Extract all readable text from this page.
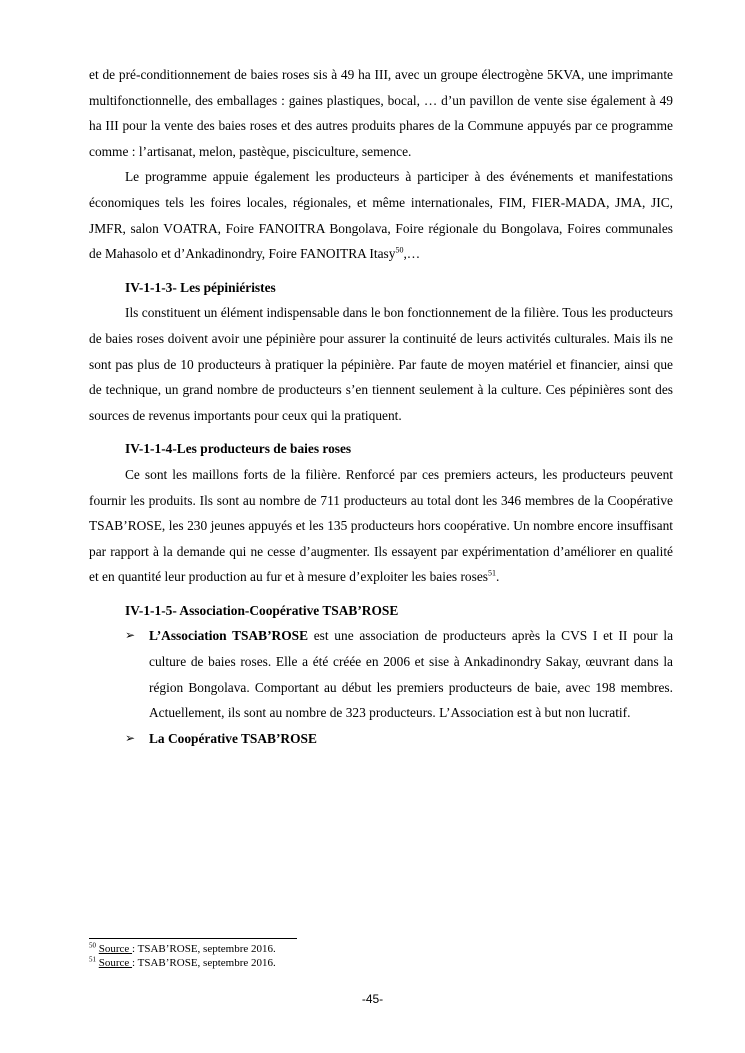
et de pré-conditionnement de baies roses sis à 49 ha III, avec un groupe électrogène 5KVA, une imprimante multifonctionnelle, des emballages : gaines plastiques, bocal, … d’un pavillon de vente sise également à 49 ha III pour la vente des baies roses et des autres produits phares de la Commune appuyés par ce programme comme : l’artisanat, melon, pastèque, pisciculture, semence.

Le programme appuie également les producteurs à participer à des événements et manifestations économiques tels les foires locales, régionales, et même internationales, FIM, FIER-MADA, JMA, JIC, JMFR, salon VOATRA, Foire FANOITRA Bongolava, Foire régionale du Bongolava, Foires communales de Mahasolo et d’Ankadinondry, Foire FANOITRA Itasy$^{50}$,…

IV-1-1-3- Les pépiniéristes

Ils constituent un élément indispensable dans le bon fonctionnement de la filière. Tous les producteurs de baies roses doivent avoir une pépinière pour assurer la continuité de leurs activités culturales. Mais ils ne sont pas plus de 10 producteurs à pratiquer la pépinière. Par faute de moyen matériel et financier, ainsi que de technique, un grand nombre de producteurs s’en tiennent seulement à la culture. Ces pépinières sont des sources de revenus importants pour ceux qui la pratiquent.

IV-1-1-4-Les producteurs de baies roses

Ce sont les maillons forts de la filière. Renforcé par ces premiers acteurs, les producteurs peuvent fournir les produits. Ils sont au nombre de 711 producteurs au total dont les 346 membres de la Coopérative TSAB’ROSE, les 230 jeunes appuyés et les 135 producteurs hors coopérative. Un nombre encore insuffisant par rapport à la demande qui ne cesse d’augmenter. Ils essayent par expérimentation d’améliorer en qualité et en quantité leur production au fur et à mesure d’exploiter les baies roses$^{51}$.

IV-1-1-5- Association-Coopérative TSAB’ROSE
➢	L’Association TSAB’ROSE est une association de producteurs après la CVS I et II pour la culture de baies roses. Elle a été créée en 2006 et sise à Ankadinondry Sakay, œuvrant dans la région Bongolava. Comportant au début les premiers producteurs de baie, avec 198 membres. Actuellement, ils sont au nombre de 323 producteurs. L’Association est à but non lucratif.

➢	La Coopérative TSAB’ROSE

$^{50}$ Source : TSAB’ROSE, septembre 2016.
$^{51}$ Source : TSAB’ROSE, septembre 2016.
-45-
